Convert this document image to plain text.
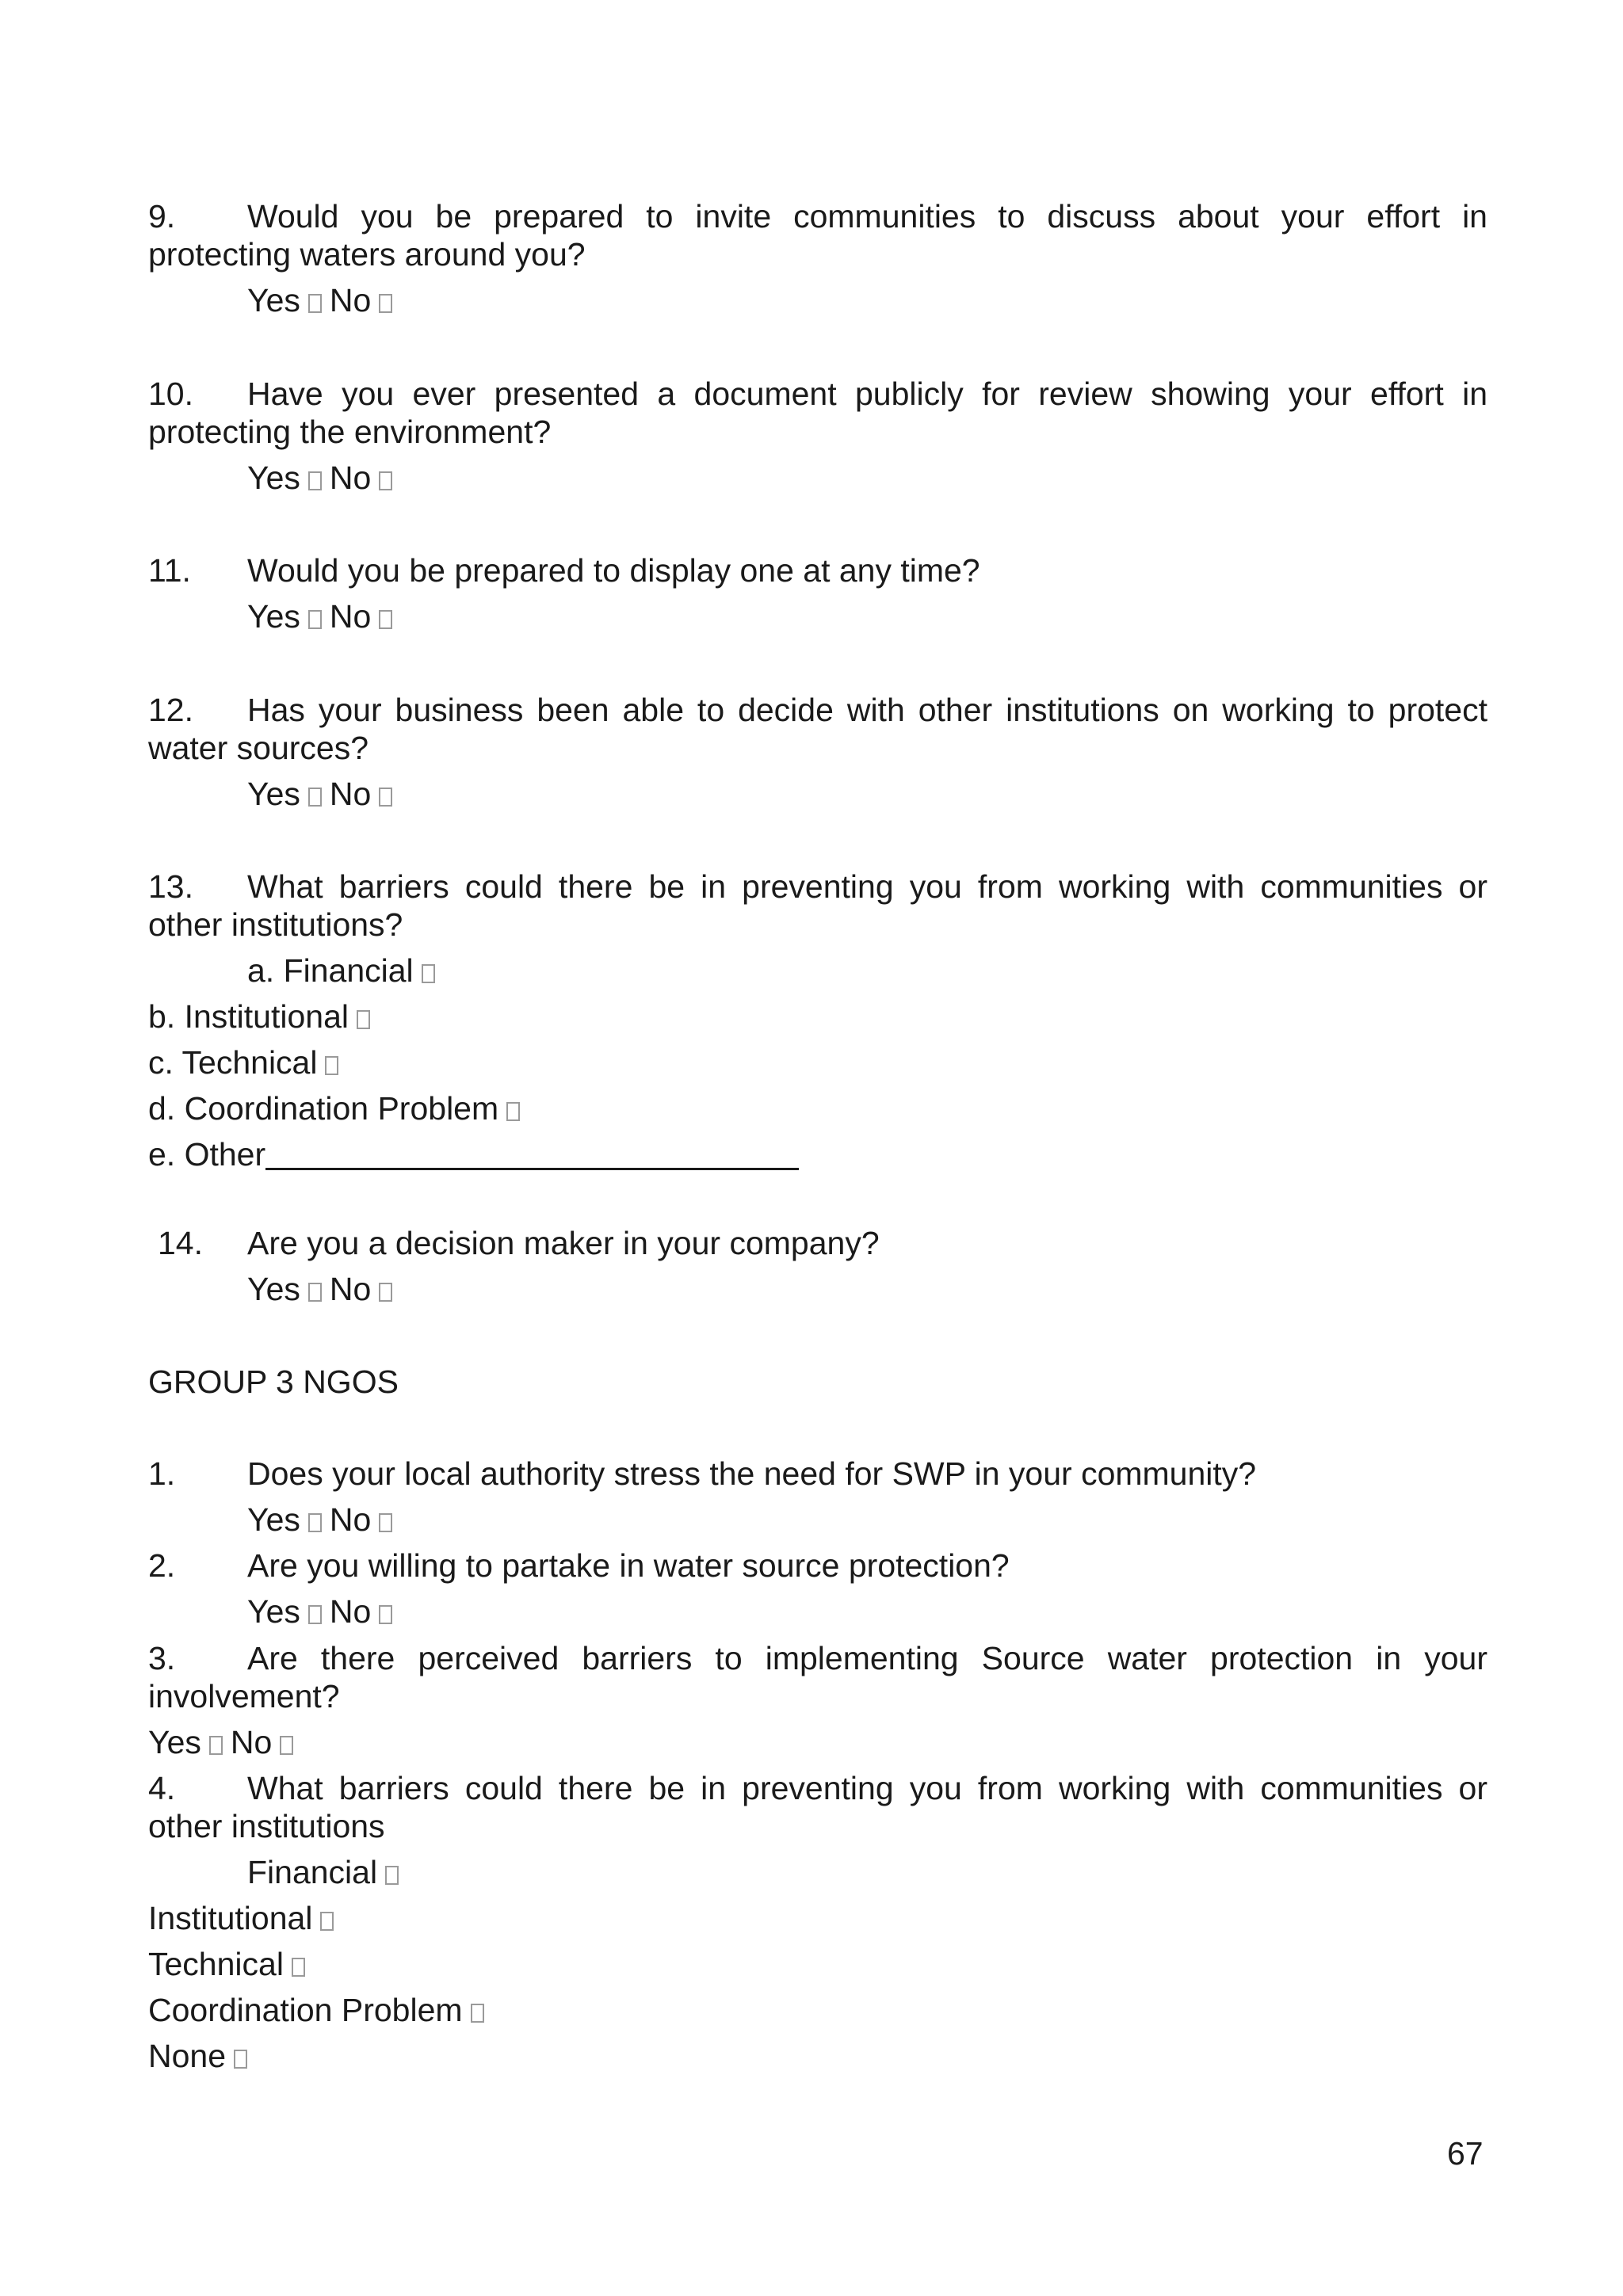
9. Would you be prepared to invite communities to discuss about your effort in
protecting waters around you?
Yes No
10. Have you ever presented a document publicly for review showing your effort in
protecting the environment?
Yes No
11. Would you be prepared to display one at any time?
Yes No
12. Has your business been able to decide with other institutions on working to protect
water sources?
Yes No
13. What barriers could there be in preventing you from working with communities or
other institutions?
a. Financial
b. Institutional
c. Technical
d. Coordination Problem
e. Other
14. Are you a decision maker in your company?
Yes No
GROUP 3 NGOS
1. Does your local authority stress the need for SWP in your community?
Yes No
2. Are you willing to partake in water source protection?
Yes No
3. Are there perceived barriers to implementing Source water protection in your
involvement?
Yes No
4. What barriers could there be in preventing you from working with communities or
other institutions
Financial
Institutional
Technical
Coordination Problem
None
67
